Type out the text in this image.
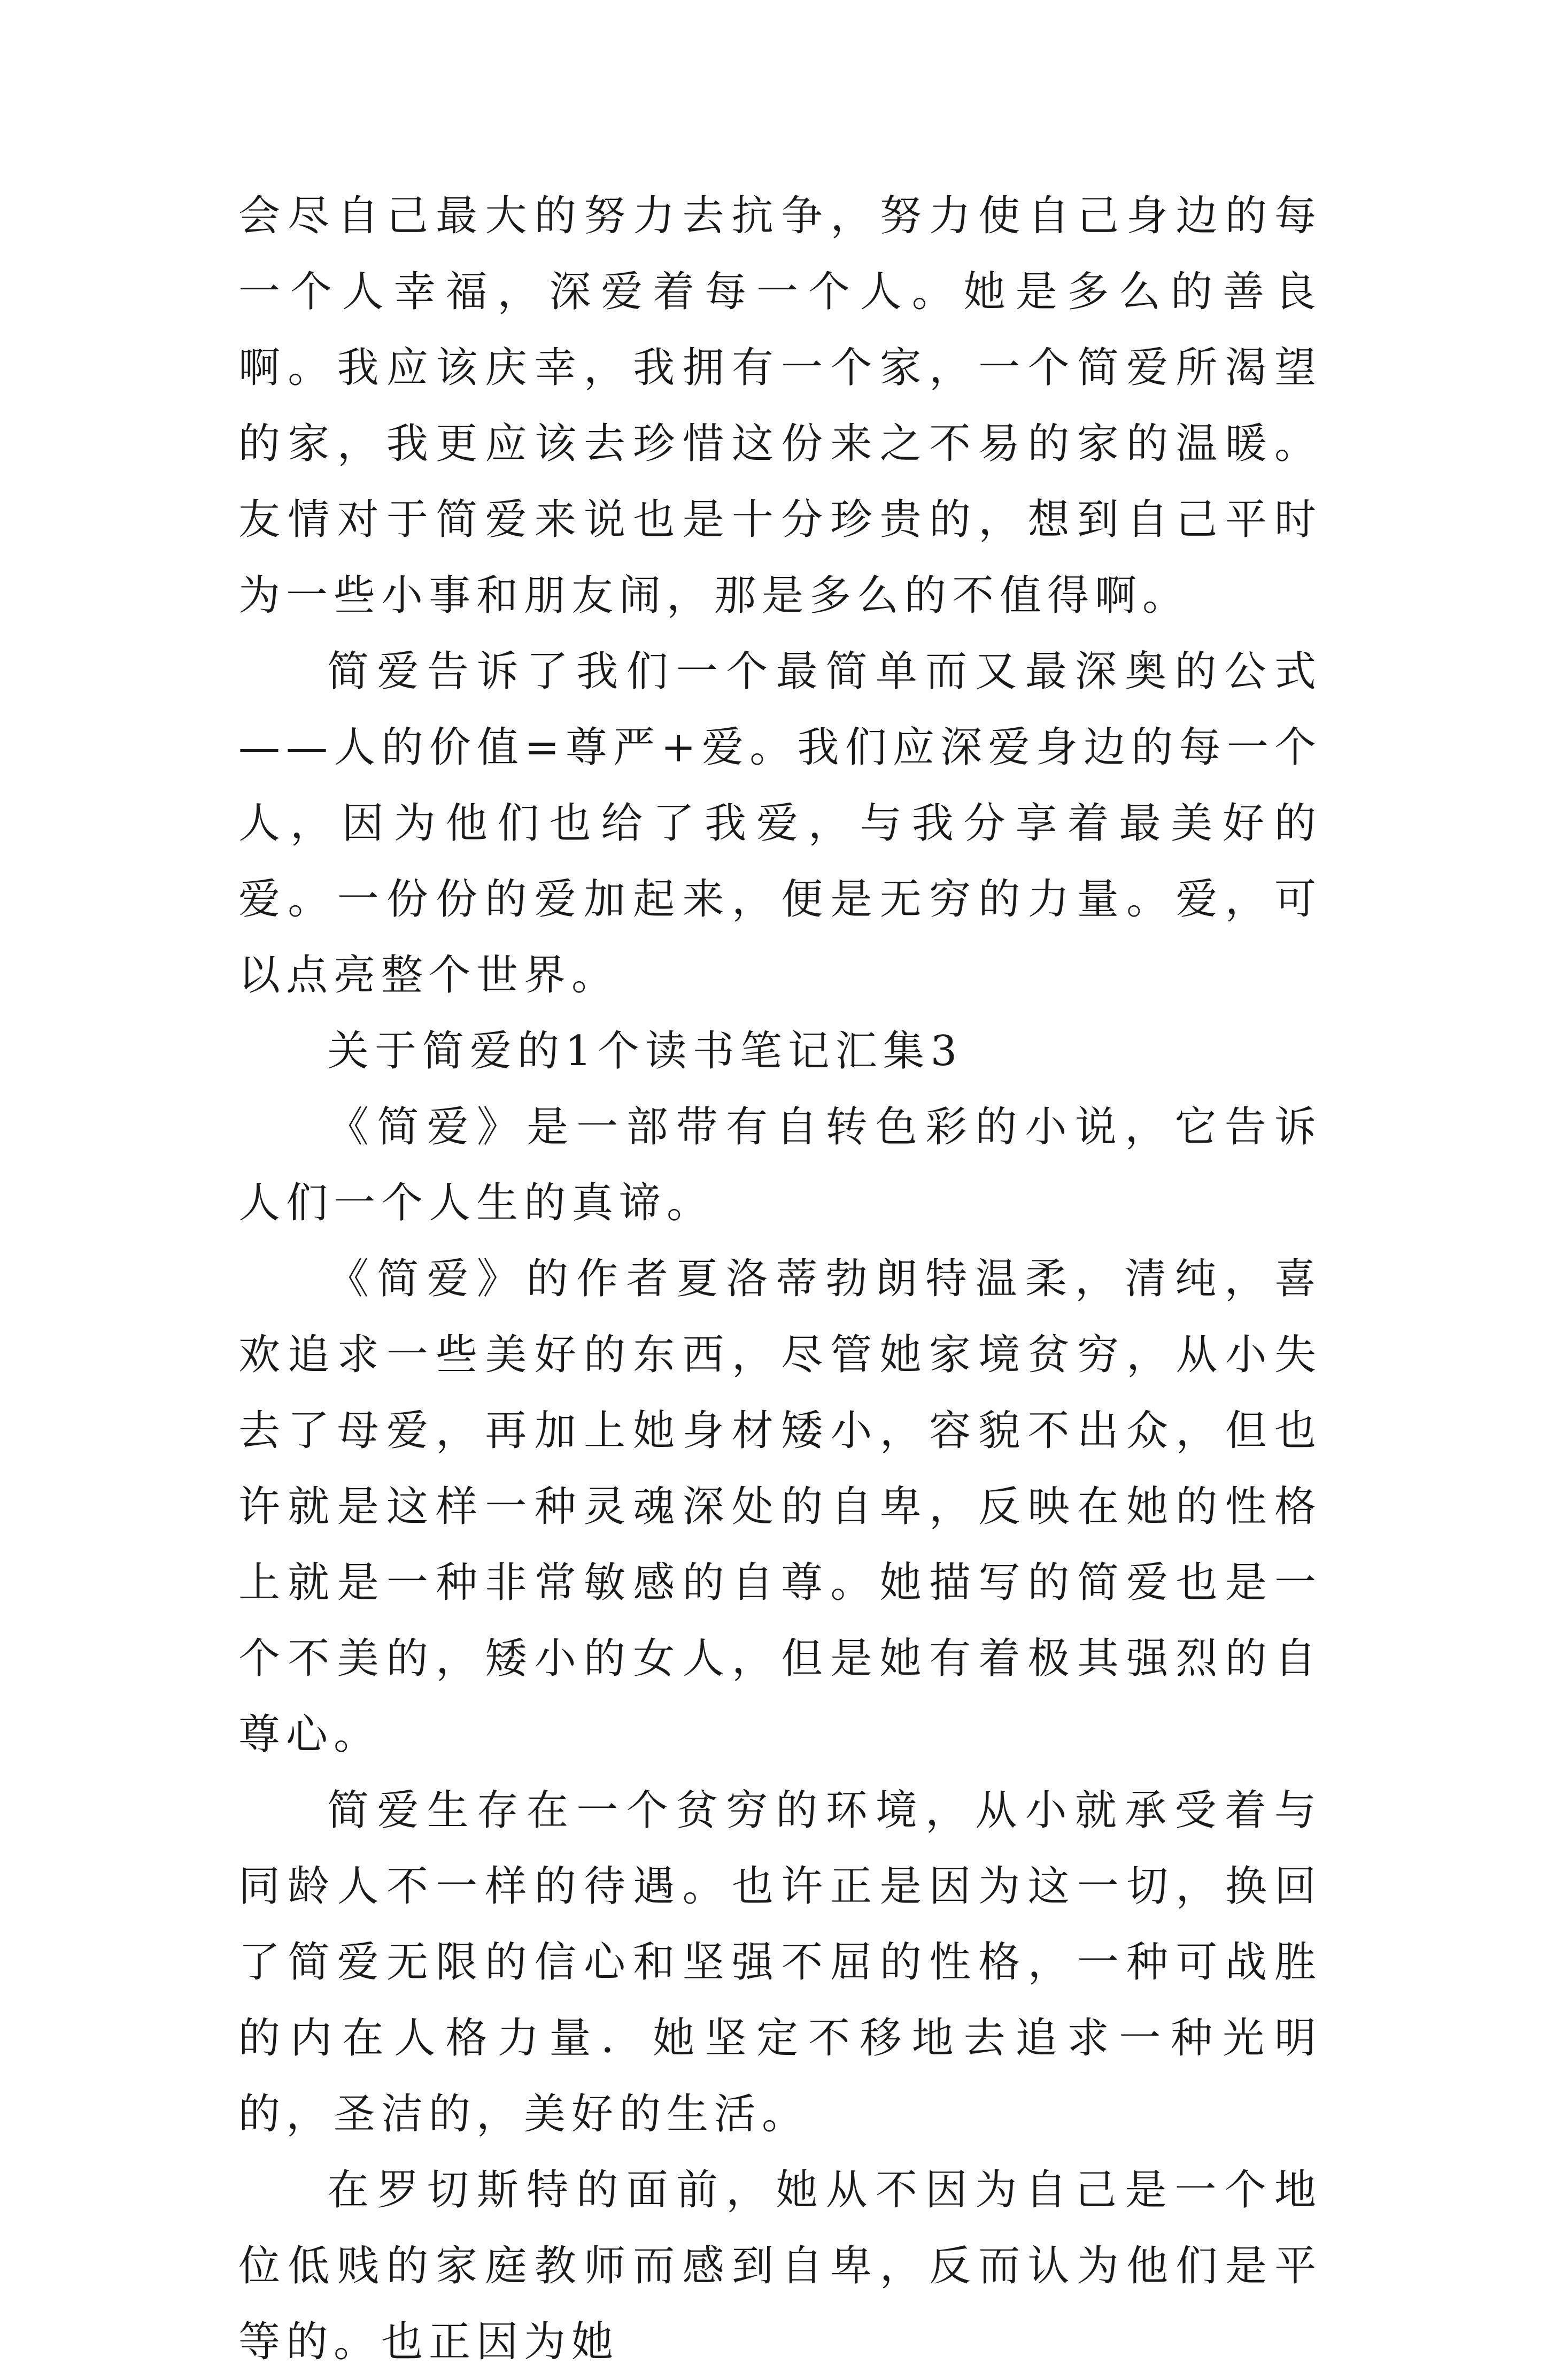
会尽自己最大的努力去抗争，努力使自己身边的每一个人幸福，深爱着每一个人。她是多么的善良啊。我应该庆幸，我拥有一个家，一个简爱所渴望的家，我更应该去珍惜这份来之不易的家的温暖。友情对于简爱来说也是十分珍贵的，想到自己平时为一些小事和朋友闹，那是多么的不值得啊。

简爱告诉了我们一个最简单而又最深奥的公式——人的价值=尊严+爱。我们应深爱身边的每一个人，因为他们也给了我爱，与我分享着最美好的爱。一份份的爱加起来，便是无穷的力量。爱，可以点亮整个世界。

关于简爱的1个读书笔记汇集3

《简爱》是一部带有自转色彩的小说，它告诉人们一个人生的真谛。

《简爱》的作者夏洛蒂勃朗特温柔，清纯，喜欢追求一些美好的东西，尽管她家境贫穷，从小失去了母爱，再加上她身材矮小，容貌不出众，但也许就是这样一种灵魂深处的自卑，反映在她的性格上就是一种非常敏感的自尊。她描写的简爱也是一个不美的，矮小的女人，但是她有着极其强烈的自尊心。

简爱生存在一个贫穷的环境，从小就承受着与同龄人不一样的待遇。也许正是因为这一切，换回了简爱无限的信心和坚强不屈的性格，一种可战胜的内在人格力量．她坚定不移地去追求一种光明的，圣洁的，美好的生活。

在罗切斯特的面前，她从不因为自己是一个地位低贱的家庭教师而感到自卑，反而认为他们是平等的。也正因为她
